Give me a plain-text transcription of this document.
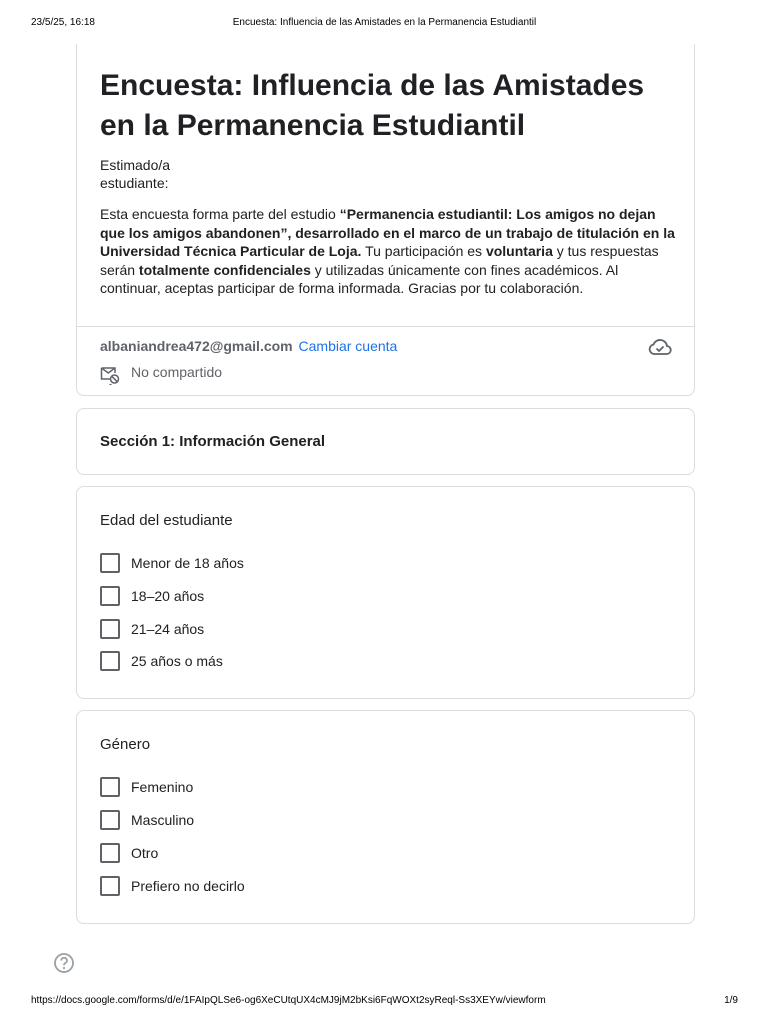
23/5/25, 16:18	Encuesta: Influencia de las Amistades en la Permanencia Estudiantil
Encuesta: Influencia de las Amistades en la Permanencia Estudiantil

Estimado/a estudiante:

Esta encuesta forma parte del estudio “Permanencia estudiantil: Los amigos no dejan que los amigos abandonen”, desarrollado en el marco de un trabajo de titulación en la Universidad Técnica Particular de Loja. Tu participación es voluntaria y tus respuestas serán totalmente confidenciales y utilizadas únicamente con fines académicos. Al continuar, aceptas participar de forma informada. Gracias por tu colaboración.

albaniandrea472@gmail.com Cambiar cuenta
No compartido
Sección 1: Información General
Edad del estudiante
Menor de 18 años
18–20 años
21–24 años
25 años o más
Género
Femenino
Masculino
Otro
Prefiero no decirlo
https://docs.google.com/forms/d/e/1FAIpQLSe6-og6XeCUtqUX4cMJ9jM2bKsi6FqWOXt2syReql-Ss3XEYw/viewform	1/9
